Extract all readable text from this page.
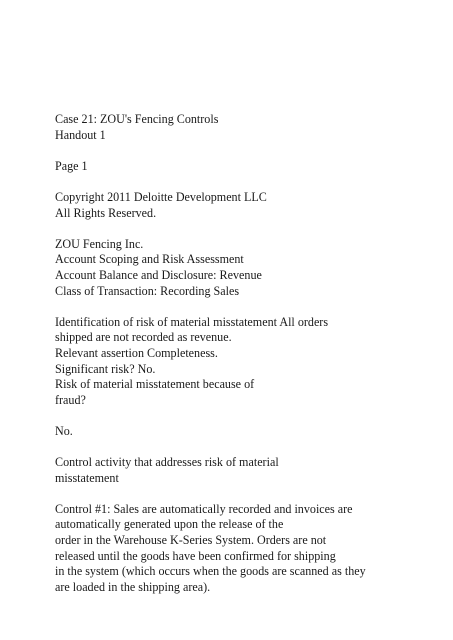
Case 21: ZOU's Fencing Controls
Handout 1

Page 1

Copyright 2011 Deloitte Development LLC
All Rights Reserved.

ZOU Fencing Inc.
Account Scoping and Risk Assessment
Account Balance and Disclosure: Revenue
Class of Transaction: Recording Sales

Identification of risk of material misstatement All orders
shipped are not recorded as revenue.
Relevant assertion Completeness.
Significant risk? No.
Risk of material misstatement because of
fraud?

No.

Control activity that addresses risk of material
misstatement

Control #1: Sales are automatically recorded and invoices are
automatically generated upon the release of the
order in the Warehouse K-Series System. Orders are not
released until the goods have been confirmed for shipping
in the system (which occurs when the goods are scanned as they
are loaded in the shipping area).
